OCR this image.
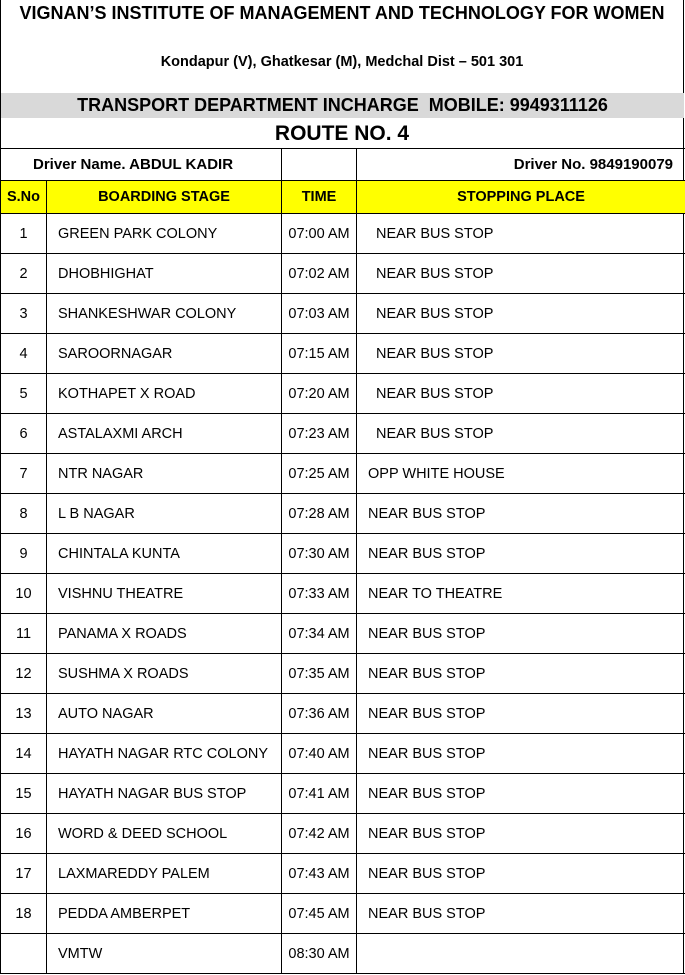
VIGNAN’S INSTITUTE OF MANAGEMENT AND TECHNOLOGY FOR WOMEN
Kondapur (V), Ghatkesar (M), Medchal Dist – 501 301
TRANSPORT DEPARTMENT INCHARGE  MOBILE: 9949311126
ROUTE NO. 4
Driver Name. ABDUL KADIR			Driver No. 9849190079
S.No	BOARDING STAGE	TIME	STOPPING PLACE
1	GREEN PARK COLONY	07:00 AM	NEAR BUS STOP
2	DHOBHIGHAT	07:02 AM	NEAR BUS STOP
3	SHANKESHWAR COLONY	07:03 AM	NEAR BUS STOP
4	SAROORNAGAR	07:15 AM	NEAR BUS STOP
5	KOTHAPET X ROAD	07:20 AM	NEAR BUS STOP
6	ASTALAXMI ARCH	07:23 AM	NEAR BUS STOP
7	NTR NAGAR	07:25 AM	OPP WHITE HOUSE
8	L B NAGAR	07:28 AM	NEAR BUS STOP
9	CHINTALA KUNTA	07:30 AM	NEAR BUS STOP
10	VISHNU THEATRE	07:33 AM	NEAR TO THEATRE
11	PANAMA X ROADS	07:34 AM	NEAR BUS STOP
12	SUSHMA X ROADS	07:35 AM	NEAR BUS STOP
13	AUTO NAGAR	07:36 AM	NEAR BUS STOP
14	HAYATH NAGAR RTC COLONY	07:40 AM	NEAR BUS STOP
15	HAYATH NAGAR BUS STOP	07:41 AM	NEAR BUS STOP
16	WORD & DEED SCHOOL	07:42 AM	NEAR BUS STOP
17	LAXMAREDDY PALEM	07:43 AM	NEAR BUS STOP
18	PEDDA AMBERPET	07:45 AM	NEAR BUS STOP
	VMTW	08:30 AM	
